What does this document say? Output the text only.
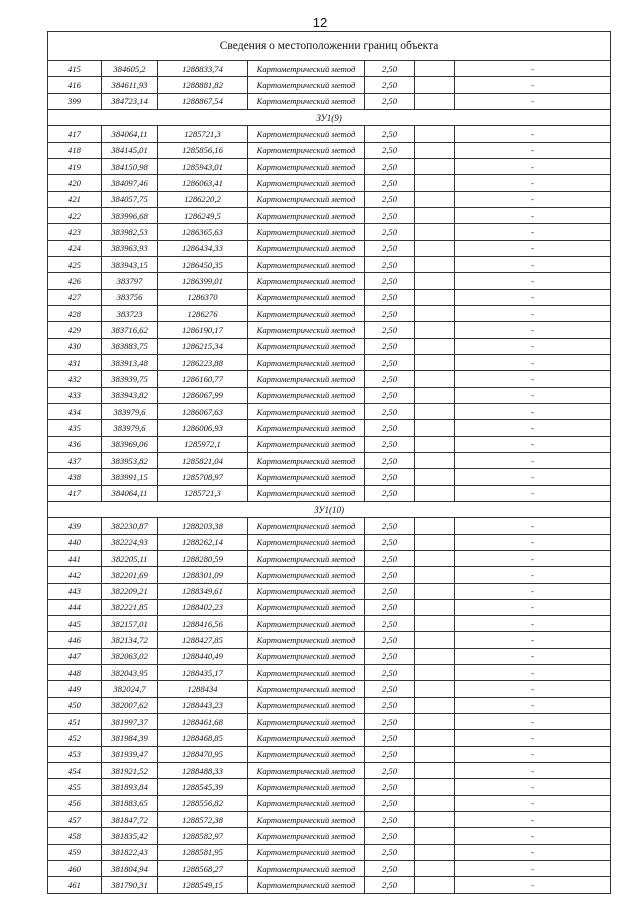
12
Сведения о местоположении границ объекта						
415	384605,2	1288833,74	Картометрический метод	2,50		-
416	384611,93	1288881,82	Картометрический метод	2,50		-
399	384723,14	1288867,54	Картометрический метод	2,50		-
ЗУ1(9)						
417	384064,11	1285721,3	Картометрический метод	2,50		-
418	384145,01	1285856,16	Картометрический метод	2,50		-
419	384150,98	1285943,01	Картометрический метод	2,50		-
420	384097,46	1286063,41	Картометрический метод	2,50		-
421	384057,75	1286220,2	Картометрический метод	2,50		-
422	383996,68	1286249,5	Картометрический метод	2,50		-
423	383982,53	1286365,63	Картометрический метод	2,50		-
424	383963,93	1286434,33	Картометрический метод	2,50		-
425	383943,15	1286450,35	Картометрический метод	2,50		-
426	383797	1286399,01	Картометрический метод	2,50		-
427	383756	1286370	Картометрический метод	2,50		-
428	383723	1286276	Картометрический метод	2,50		-
429	383716,62	1286190,17	Картометрический метод	2,50		-
430	383883,75	1286215,34	Картометрический метод	2,50		-
431	383913,48	1286223,88	Картометрический метод	2,50		-
432	383939,75	1286160,77	Картометрический метод	2,50		-
433	383943,82	1286067,99	Картометрический метод	2,50		-
434	383979,6	1286067,63	Картометрический метод	2,50		-
435	383979,6	1286006,93	Картометрический метод	2,50		-
436	383969,06	1285972,1	Картометрический метод	2,50		-
437	383953,82	1285821,04	Картометрический метод	2,50		-
438	383991,15	1285708,97	Картометрический метод	2,50		-
417	384064,11	1285721,3	Картометрический метод	2,50		-
ЗУ1(10)						
439	382230,87	1288203,38	Картометрический метод	2,50		-
440	382224,93	1288262,14	Картометрический метод	2,50		-
441	382205,11	1288280,59	Картометрический метод	2,50		-
442	382201,69	1288301,09	Картометрический метод	2,50		-
443	382209,21	1288349,61	Картометрический метод	2,50		-
444	382221,85	1288402,23	Картометрический метод	2,50		-
445	382157,01	1288416,56	Картометрический метод	2,50		-
446	382134,72	1288427,85	Картометрический метод	2,50		-
447	382063,02	1288440,49	Картометрический метод	2,50		-
448	382043,95	1288435,17	Картометрический метод	2,50		-
449	382024,7	1288434	Картометрический метод	2,50		-
450	382007,62	1288443,23	Картометрический метод	2,50		-
451	381997,37	1288461,68	Картометрический метод	2,50		-
452	381984,39	1288468,85	Картометрический метод	2,50		-
453	381939,47	1288470,95	Картометрический метод	2,50		-
454	381921,52	1288488,33	Картометрический метод	2,50		-
455	381893,84	1288545,39	Картометрический метод	2,50		-
456	381883,65	1288556,82	Картометрический метод	2,50		-
457	381847,72	1288572,38	Картометрический метод	2,50		-
458	381835,42	1288582,97	Картометрический метод	2,50		-
459	381822,43	1288581,95	Картометрический метод	2,50		-
460	381804,94	1288568,27	Картометрический метод	2,50		-
461	381790,31	1288549,15	Картометрический метод	2,50		-
